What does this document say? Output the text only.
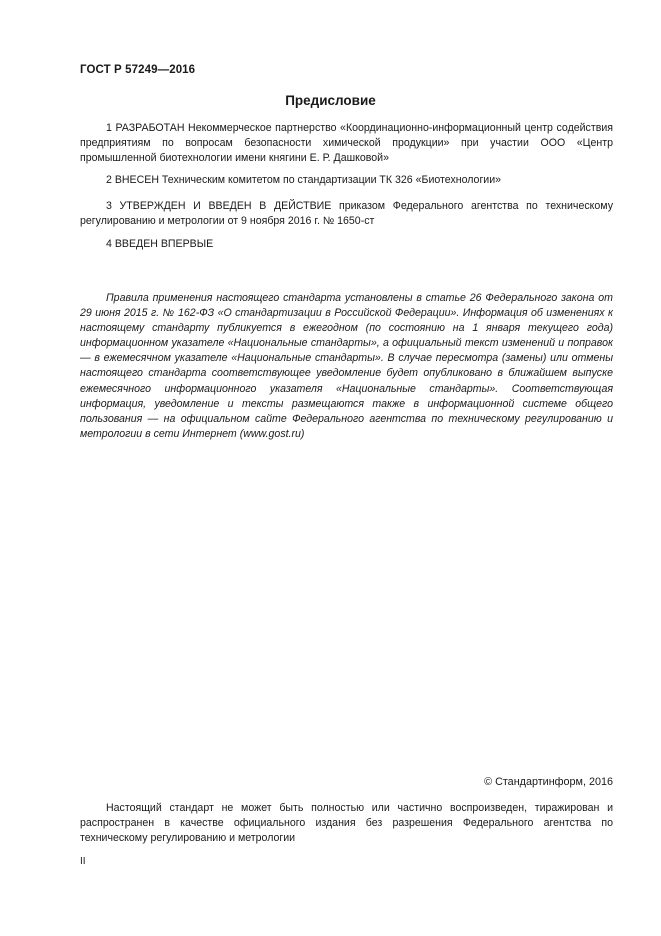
ГОСТ Р 57249—2016
Предисловие
1 РАЗРАБОТАН Некоммерческое партнерство «Координационно-информационный центр содействия предприятиям по вопросам безопасности химической продукции» при участии ООО «Центр промышленной биотехнологии имени княгини Е. Р. Дашковой»
2 ВНЕСЕН Техническим комитетом по стандартизации ТК 326 «Биотехнологии»
3 УТВЕРЖДЕН И ВВЕДЕН В ДЕЙСТВИЕ приказом Федерального агентства по техническому регулированию и метрологии от 9 ноября 2016 г. № 1650-ст
4 ВВЕДЕН ВПЕРВЫЕ
Правила применения настоящего стандарта установлены в статье 26 Федерального закона от 29 июня 2015 г. № 162-ФЗ «О стандартизации в Российской Федерации». Информация об изменениях к настоящему стандарту публикуется в ежегодном (по состоянию на 1 января текущего года) информационном указателе «Национальные стандарты», а официальный текст изменений и поправок — в ежемесячном указателе «Национальные стандарты». В случае пересмотра (замены) или отмены настоящего стандарта соответствующее уведомление будет опубликовано в ближайшем выпуске ежемесячного информационного указателя «Национальные стандарты». Соответствующая информация, уведомление и тексты размещаются также в информационной системе общего пользования — на официальном сайте Федерального агентства по техническому регулированию и метрологии в сети Интернет (www.gost.ru)
© Стандартинформ, 2016
Настоящий стандарт не может быть полностью или частично воспроизведен, тиражирован и распространен в качестве официального издания без разрешения Федерального агентства по техническому регулированию и метрологии
II
